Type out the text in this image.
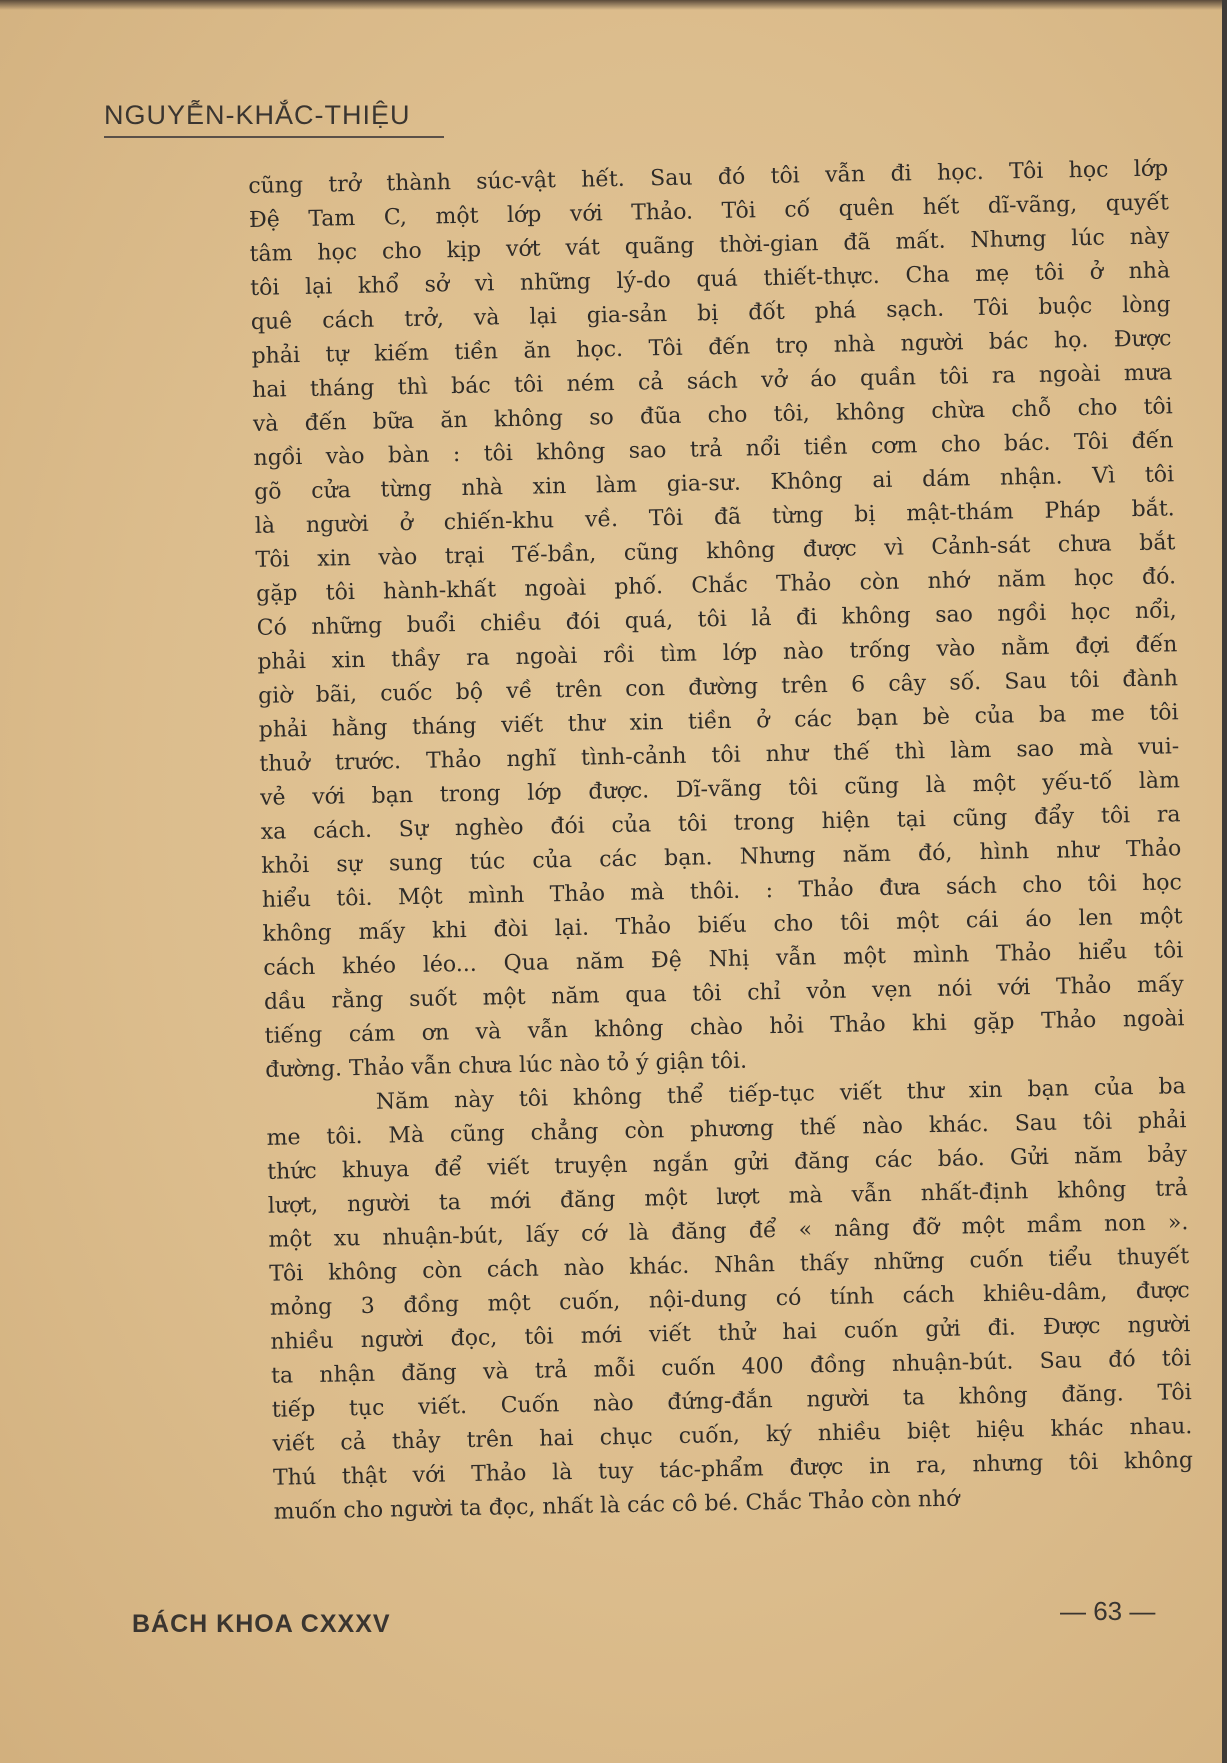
NGUYỄN-KHẮC-THIỆU
cũng trở thành súc-vật hết. Sau đó tôi vẫn đi học. Tôi học lớp
Đệ Tam C, một lớp với Thảo. Tôi cố quên hết dĩ-vãng, quyết
tâm học cho kịp vớt vát quãng thời-gian đã mất. Nhưng lúc này
tôi lại khổ sở vì những lý-do quá thiết-thực. Cha mẹ tôi ở nhà
quê cách trở, và lại gia-sản bị đốt phá sạch. Tôi buộc lòng
phải tự kiếm tiền ăn học. Tôi đến trọ nhà người bác họ. Được
hai tháng thì bác tôi ném cả sách vở áo quần tôi ra ngoài mưa
và đến bữa ăn không so đũa cho tôi, không chừa chỗ cho tôi
ngồi vào bàn : tôi không sao trả nổi tiền cơm cho bác. Tôi đến
gõ cửa từng nhà xin làm gia-sư. Không ai dám nhận. Vì tôi
là người ở chiến-khu về. Tôi đã từng bị mật-thám Pháp bắt.
Tôi xin vào trại Tế-bần, cũng không được vì Cảnh-sát chưa bắt
gặp tôi hành-khất ngoài phố. Chắc Thảo còn nhớ năm học đó.
Có những buổi chiều đói quá, tôi lả đi không sao ngồi học nổi,
phải xin thầy ra ngoài rồi tìm lớp nào trống vào nằm đợi đến
giờ bãi, cuốc bộ về trên con đường trên 6 cây số. Sau tôi đành
phải hằng tháng viết thư xin tiền ở các bạn bè của ba me tôi
thuở trước. Thảo nghĩ tình-cảnh tôi như thế thì làm sao mà vui-
vẻ với bạn trong lớp được. Dĩ-vãng tôi cũng là một yếu-tố làm
xa cách. Sự nghèo đói của tôi trong hiện tại cũng đẩy tôi ra
khỏi sự sung túc của các bạn. Nhưng năm đó, hình như Thảo
hiểu tôi. Một mình Thảo mà thôi. : Thảo đưa sách cho tôi học
không mấy khi đòi lại. Thảo biếu cho tôi một cái áo len một
cách khéo léo... Qua năm Đệ Nhị vẫn một mình Thảo hiểu tôi
dầu rằng suốt một năm qua tôi chỉ vỏn vẹn nói với Thảo mấy
tiếng cám ơn và vẫn không chào hỏi Thảo khi gặp Thảo ngoài
đường. Thảo vẫn chưa lúc nào tỏ ý giận tôi.
Năm này tôi không thể tiếp-tục viết thư xin bạn của ba
me tôi. Mà cũng chẳng còn phương thế nào khác. Sau tôi phải
thức khuya để viết truyện ngắn gửi đăng các báo. Gửi năm bảy
lượt, người ta mới đăng một lượt mà vẫn nhất-định không trả
một xu nhuận-bút, lấy cớ là đăng để « nâng đỡ một mầm non ».
Tôi không còn cách nào khác. Nhân thấy những cuốn tiểu thuyết
mỏng 3 đồng một cuốn, nội-dung có tính cách khiêu-dâm, được
nhiều người đọc, tôi mới viết thử hai cuốn gửi đi. Được người
ta nhận đăng và trả mỗi cuốn 400 đồng nhuận-bút. Sau đó tôi
tiếp tục viết. Cuốn nào đứng-đắn người ta không đăng. Tôi
viết cả thảy trên hai chục cuốn, ký nhiều biệt hiệu khác nhau.
Thú thật với Thảo là tuy tác-phẩm được in ra, nhưng tôi không
muốn cho người ta đọc, nhất là các cô bé. Chắc Thảo còn nhớ
BÁCH KHOA CXXXV	— 63 —
